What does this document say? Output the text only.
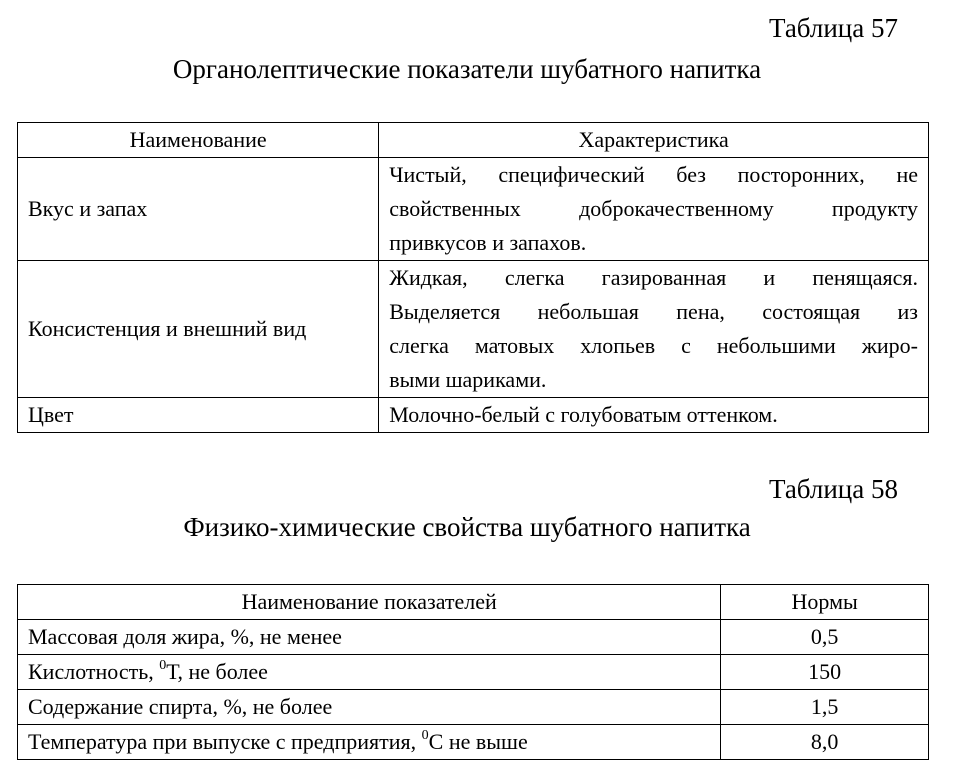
Таблица 57
Органолептические показатели шубатного напитка
Наименование	Характеристика
Вкус и запах	Чистый, специфический без посторонних, не
свойственных доброкачественному продукту
привкусов и запахов.

Консистенция и внешний вид	Жидкая, слегка газированная и пенящаяся.
Выделяется небольшая пена, состоящая из
слегка матовых хлопьев с небольшими жиро-
выми шариками.

Цвет	Молочно-белый с голубоватым оттенком.
Таблица 58
Физико-химические свойства шубатного напитка
Наименование показателей	Нормы
Массовая доля жира, %, не менее	0,5
Кислотность, $^0$Т, не более	150
Содержание спирта, %, не более	1,5
Температура при выпуске с предприятия, $^0$С не выше	8,0
